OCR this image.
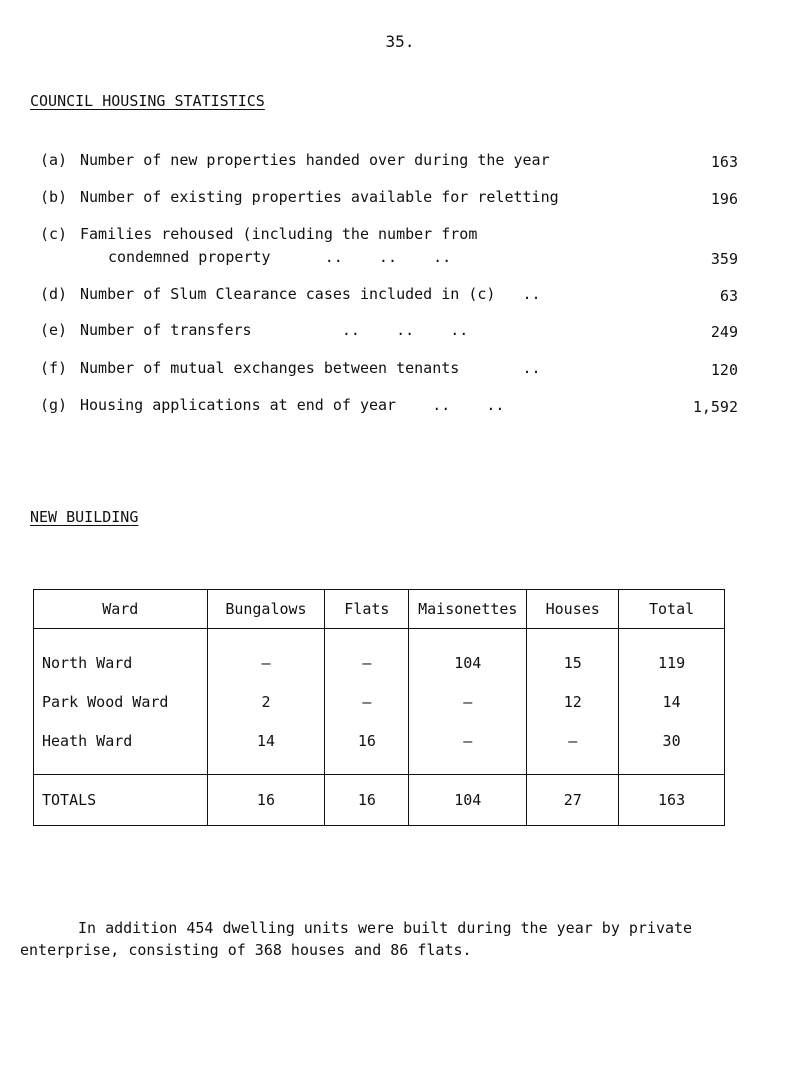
35.
COUNCIL HOUSING STATISTICS
(a) Number of new properties handed over during the year	163
(b) Number of existing properties available for reletting	196
(c) Families rehoused (including the number from
condemned property      ..    ..    ..	359
(d) Number of Slum Clearance cases included in (c)   ..	63
(e) Number of transfers          ..    ..    ..	249
(f) Number of mutual exchanges between tenants       ..	120
(g) Housing applications at end of year    ..    ..	1,592
NEW BUILDING
Ward	Bungalows	Flats	Maisonettes	Houses	Total
North Ward	–	–	104	15	119
Park Wood Ward	2	–	–	12	14
Heath Ward	14	16	–	–	30
TOTALS	16	16	104	27	163
In addition 454 dwelling units were built during the year by private enterprise, consisting of 368 houses and 86 flats.
